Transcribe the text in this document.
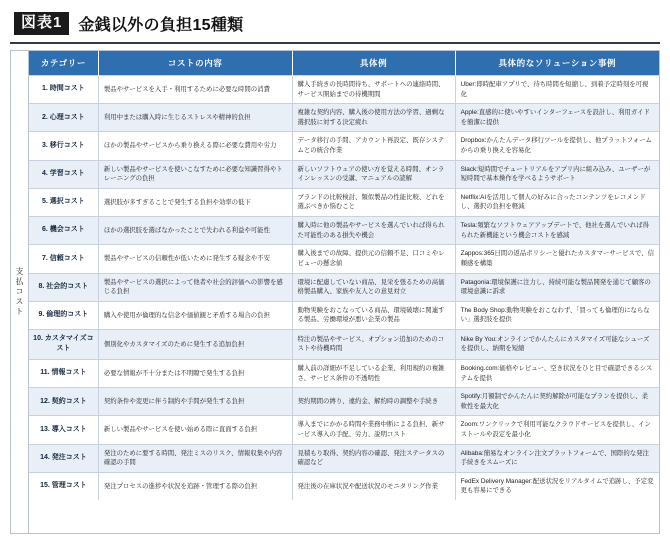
図表1	金銭以外の負担15種類
支払コスト
カテゴリー	コストの内容	具体例	具体的なソリューション事例
1. 時間コスト	製品やサービスを入手・利用するために必要な時間の消費	購入手続きの長時間待ち、サポートへの連絡時間、サービス開始までの待機期間	Uber:即時配車アプリで、待ち時間を短縮し、到着予定時刻を可視化
2. 心理コスト	利用中または購入時に生じるストレスや精神的負担	複雑な契約内容、購入後の使用方法の学習、過剰な選択肢に対する決定疲れ	Apple:直感的に使いやすいインターフェースを設計し、利用ガイドを簡潔に提供
3. 移行コスト	ほかの製品やサービスから乗り換える際に必要な費用や労力	データ移行の手間、アカウント再設定、既存システムとの統合作業	Dropbox:かんたんデータ移行ツールを提供し、他プラットフォームからの乗り換えを容易化
4. 学習コスト	新しい製品やサービスを使いこなすために必要な知識習得やトレーニングの負担	新しいソフトウェアの使い方を覚える時間、オンラインレッスンの受講、マニュアルの読解	Slack:短時間でチュートリアルをアプリ内に組み込み、ユーザーが短時間で基本操作を学べるようサポート
5. 選択コスト	選択肢が多すぎることで発生する負担や効率の低下	ブランドの比較検討、類似製品の性能比較、どれを選ぶべきか悩むこと	Netflix:AIを活用して個人の好みに合ったコンテンツをレコメンドし、選択の負担を軽減
6. 機会コスト	ほかの選択肢を選ばなかったことで失われる利益や可能性	購入時に他の製品やサービスを選んでいれば得られた可能性のある損失や機会	Tesla:頻繁なソフトウェアアップデートで、他社を選んでいれば得られた新機能という機会コストを感減
7. 信頼コスト	製品やサービスの信頼性が低いために発生する疑念や不安	購入後までの故障、提供元の信頼不足、口コミやレビューの懸念値	Zappos:365日間の返品ポリシーと優れたカスタマーサービスで、信頼感を構築
8. 社会的コスト	製品やサービスの選択によって他者や社会的評価への影響を感じる負担	環境に配慮していない商品、見栄を張るための高価格製品購入、家族や友人との意見対立	Patagonia:環境保護に注力し、持続可能な製品開発を通じて顧客の環境意識に訴求
9. 倫理的コスト	購入や使用が倫理的な信念や価値観と矛盾する場合の負担	動物実験をおこなっている商品、環境破壊に関連する製品、労働環境が悪い企業の製品	The Body Shop:動物実験をおこなわず、「買っても倫理的にならない」選択肢を提供
10. カスタマイズコスト	個別化やカスタマイズのために発生する追加負担	特注の製品やサービス、オプション追加のためのコストや待機時間	Nike By You:オンラインでかんたんにカスタマイズ可能なシューズを提供し、納期を短縮
11. 情報コスト	必要な情報が不十分または不明瞭で発生する負担	購入前の詳細が不足している企業、利用規約の複雑さ、サービス条件の不透明性	Booking.com:価格やレビュー、空き状況をひと目で確認できるシステムを提供
12. 契約コスト	契約条件や変更に伴う制約や手間が発生する負担	契約期間の縛り、違約金、解約時の調整や手続き	Spotify:月額制でかんたんに契約解除が可能なプランを提供し、柔軟性を最大化
13. 導入コスト	新しい製品やサービスを使い始める際に直面する負担	導入までにかかる時間や業務中断による負担、新サービス導入の手配、労力、説明コスト	Zoom:ワンクリックで利用可能なクラウドサービスを提供し、インストールや設定を最小化
14. 発注コスト	発注のために要する時間、発注ミスのリスク、情報収集や内容確認の手間	見積もり取得、契約内容の確認、発注ステータスの確認など	Alibaba:簡易なオンライン注文プラットフォームで、国際的な発注手続きをスムーズに
15. 管理コスト	発注プロセスの進捗や状況を追跡・管理する際の負担	発注後の在庫状況や配送状況のモニタリング作業	FedEx Delivery Manager:配送状況をリアルタイムで追跡し、予定変更も容易にできる
